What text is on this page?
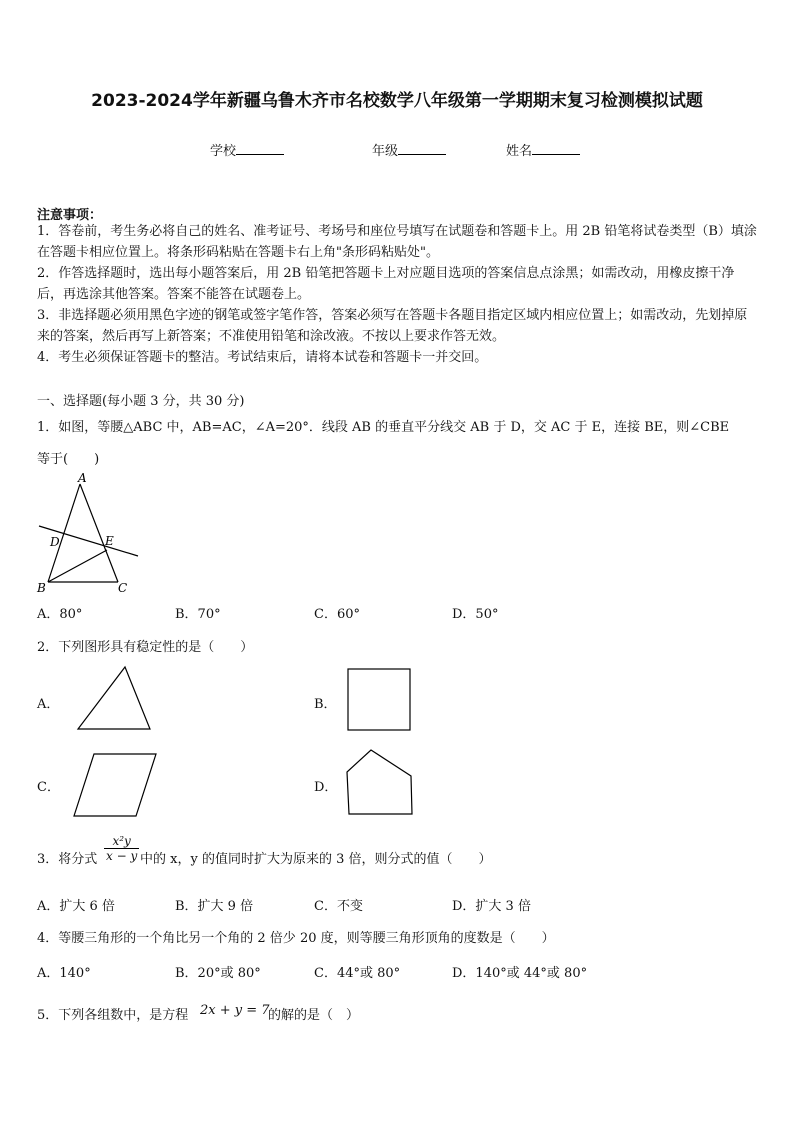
2023-2024学年新疆乌鲁木齐市名校数学八年级第一学期期末复习检测模拟试题
学校	年级	姓名
注意事项：
1．答卷前，考生务必将自己的姓名、准考证号、考场号和座位号填写在试题卷和答题卡上。用 2B 铅笔将试卷类型（B）填涂在答题卡相应位置上。将条形码粘贴在答题卡右上角"条形码粘贴处"。
2．作答选择题时，选出每小题答案后，用 2B 铅笔把答题卡上对应题目选项的答案信息点涂黑；如需改动，用橡皮擦干净后，再选涂其他答案。答案不能答在试题卷上。
3．非选择题必须用黑色字迹的钢笔或签字笔作答，答案必须写在答题卡各题目指定区域内相应位置上；如需改动，先划掉原来的答案，然后再写上新答案；不准使用铅笔和涂改液。不按以上要求作答无效。
4．考生必须保证答题卡的整洁。考试结束后，请将本试卷和答题卡一并交回。
一、选择题(每小题 3 分，共 30 分)
1．如图，等腰△ABC 中，AB=AC，∠A=20°．线段 AB 的垂直平分线交 AB 于 D，交 AC 于 E，连接 BE，则∠CBE
等于(　　)
A
D	E
B	C
A．80°	B．70°	C．60°	D．50°
2．下列图形具有稳定性的是（　　）
A．	B．
C．	D．
3．将分式 $\frac{\text{x²y}}{x - y}$ 中的 x，y 的值同时扩大为原来的 3 倍，则分式的值（　　）
A．扩大 6 倍	B．扩大 9 倍	C．不变	D．扩大 3 倍
4．等腰三角形的一个角比另一个角的 2 倍少 20 度，则等腰三角形顶角的度数是（　　）
A．140°	B．20°或 80°	C．44°或 80°	D．140°或 44°或 80°
5．下列各组数中，是方程 2x + y = 7
的解的是（　）
